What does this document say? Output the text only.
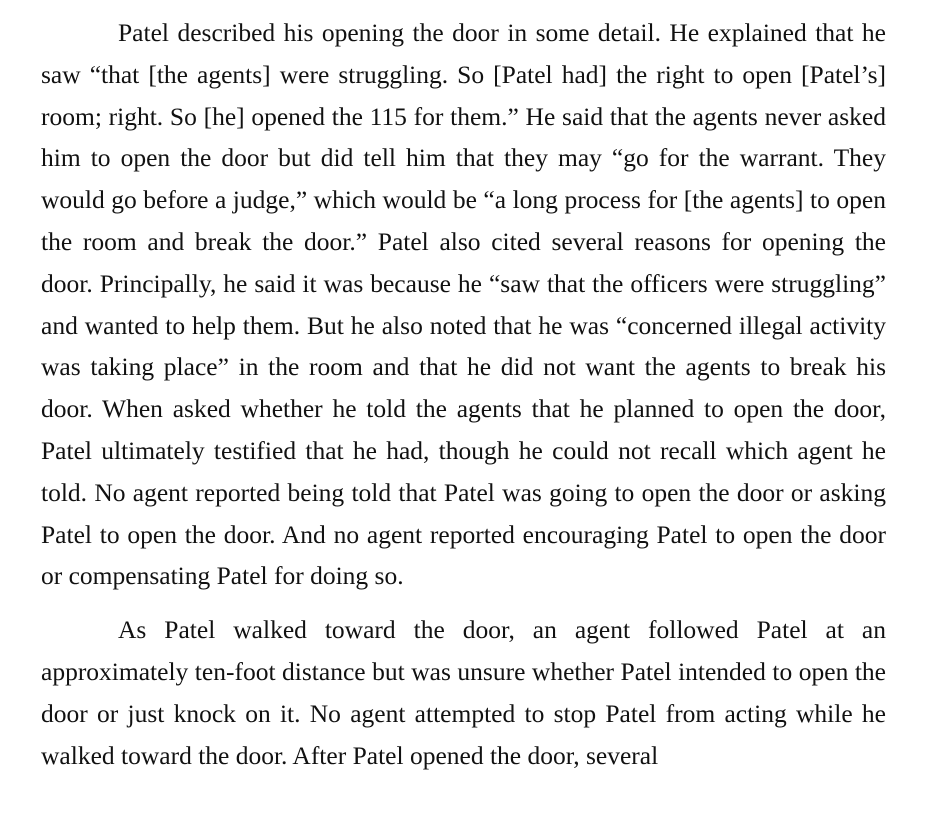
Patel described his opening the door in some detail. He explained that he saw “that [the agents] were struggling. So [Patel had] the right to open [Patel’s] room; right. So [he] opened the 115 for them.” He said that the agents never asked him to open the door but did tell him that they may “go for the warrant. They would go before a judge,” which would be “a long process for [the agents] to open the room and break the door.” Patel also cited several reasons for opening the door. Principally, he said it was because he “saw that the officers were struggling” and wanted to help them. But he also noted that he was “concerned illegal activity was taking place” in the room and that he did not want the agents to break his door. When asked whether he told the agents that he planned to open the door, Patel ultimately testified that he had, though he could not recall which agent he told. No agent reported being told that Patel was going to open the door or asking Patel to open the door. And no agent reported encouraging Patel to open the door or compensating Patel for doing so.

As Patel walked toward the door, an agent followed Patel at an approximately ten-foot distance but was unsure whether Patel intended to open the door or just knock on it. No agent attempted to stop Patel from acting while he walked toward the door. After Patel opened the door, several
